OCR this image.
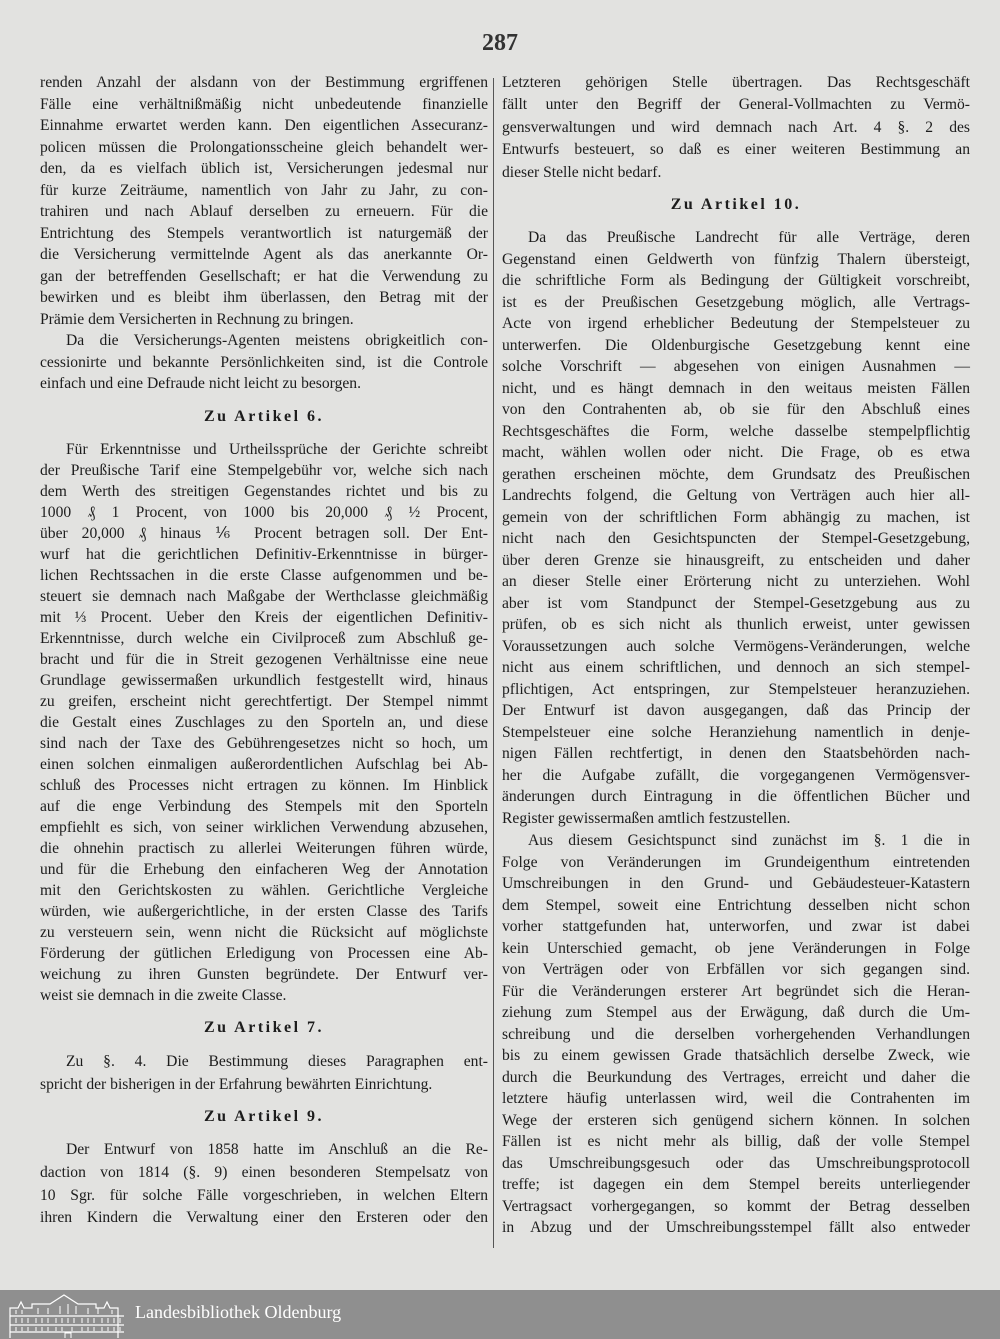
287
renden Anzahl der alsdann von der Bestimmung ergriffenen
Fälle eine verhältnißmäßig nicht unbedeutende finanzielle
Einnahme erwartet werden kann. Den eigentlichen Assecuranz-
policen müssen die Prolongationsscheine gleich behandelt wer-
den, da es vielfach üblich ist, Versicherungen jedesmal nur
für kurze Zeiträume, namentlich von Jahr zu Jahr, zu con-
trahiren und nach Ablauf derselben zu erneuern. Für die
Entrichtung des Stempels verantwortlich ist naturgemäß der
die Versicherung vermittelnde Agent als das anerkannte Or-
gan der betreffenden Gesellschaft; er hat die Verwendung zu
bewirken und es bleibt ihm überlassen, den Betrag mit der
Prämie dem Versicherten in Rechnung zu bringen.
Da die Versicherungs-Agenten meistens obrigkeitlich con-
cessionirte und bekannte Persönlichkeiten sind, ist die Controle
einfach und eine Defraude nicht leicht zu besorgen.
Zu Artikel 6.
Für Erkenntnisse und Urtheilssprüche der Gerichte schreibt
der Preußische Tarif eine Stempelgebühr vor, welche sich nach
dem Werth des streitigen Gegenstandes richtet und bis zu
1000 ₰ 1 Procent, von 1000 bis 20,000 ₰ ½ Procent,
über 20,000 ₰ hinaus ⅙ Procent betragen soll. Der Ent-
wurf hat die gerichtlichen Definitiv-Erkenntnisse in bürger-
lichen Rechtssachen in die erste Classe aufgenommen und be-
steuert sie demnach nach Maßgabe der Werthclasse gleichmäßig
mit ⅓ Procent. Ueber den Kreis der eigentlichen Definitiv-
Erkenntnisse, durch welche ein Civilproceß zum Abschluß ge-
bracht und für die in Streit gezogenen Verhältnisse eine neue
Grundlage gewissermaßen urkundlich festgestellt wird, hinaus
zu greifen, erscheint nicht gerechtfertigt. Der Stempel nimmt
die Gestalt eines Zuschlages zu den Sporteln an, und diese
sind nach der Taxe des Gebührengesetzes nicht so hoch, um
einen solchen einmaligen außerordentlichen Aufschlag bei Ab-
schluß des Processes nicht ertragen zu können. Im Hinblick
auf die enge Verbindung des Stempels mit den Sporteln
empfiehlt es sich, von seiner wirklichen Verwendung abzusehen,
die ohnehin practisch zu allerlei Weiterungen führen würde,
und für die Erhebung den einfacheren Weg der Annotation
mit den Gerichtskosten zu wählen. Gerichtliche Vergleiche
würden, wie außergerichtliche, in der ersten Classe des Tarifs
zu versteuern sein, wenn nicht die Rücksicht auf möglichste
Förderung der gütlichen Erledigung von Processen eine Ab-
weichung zu ihren Gunsten begründete. Der Entwurf ver-
weist sie demnach in die zweite Classe.
Zu Artikel 7.
Zu §. 4. Die Bestimmung dieses Paragraphen ent-
spricht der bisherigen in der Erfahrung bewährten Einrichtung.
Zu Artikel 9.
Der Entwurf von 1858 hatte im Anschluß an die Re-
daction von 1814 (§. 9) einen besonderen Stempelsatz von
10 Sgr. für solche Fälle vorgeschrieben, in welchen Eltern
ihren Kindern die Verwaltung einer den Ersteren oder den
Letzteren gehörigen Stelle übertragen. Das Rechtsgeschäft
fällt unter den Begriff der General-Vollmachten zu Vermö-
gensverwaltungen und wird demnach nach Art. 4 §. 2 des
Entwurfs besteuert, so daß es einer weiteren Bestimmung an
dieser Stelle nicht bedarf.
Zu Artikel 10.
Da das Preußische Landrecht für alle Verträge, deren
Gegenstand einen Geldwerth von fünfzig Thalern übersteigt,
die schriftliche Form als Bedingung der Gültigkeit vorschreibt,
ist es der Preußischen Gesetzgebung möglich, alle Vertrags-
Acte von irgend erheblicher Bedeutung der Stempelsteuer zu
unterwerfen. Die Oldenburgische Gesetzgebung kennt eine
solche Vorschrift — abgesehen von einigen Ausnahmen —
nicht, und es hängt demnach in den weitaus meisten Fällen
von den Contrahenten ab, ob sie für den Abschluß eines
Rechtsgeschäftes die Form, welche dasselbe stempelpflichtig
macht, wählen wollen oder nicht. Die Frage, ob es etwa
gerathen erscheinen möchte, dem Grundsatz des Preußischen
Landrechts folgend, die Geltung von Verträgen auch hier all-
gemein von der schriftlichen Form abhängig zu machen, ist
nicht nach den Gesichtspuncten der Stempel-Gesetzgebung,
über deren Grenze sie hinausgreift, zu entscheiden und daher
an dieser Stelle einer Erörterung nicht zu unterziehen. Wohl
aber ist vom Standpunct der Stempel-Gesetzgebung aus zu
prüfen, ob es sich nicht als thunlich erweist, unter gewissen
Voraussetzungen auch solche Vermögens-Veränderungen, welche
nicht aus einem schriftlichen, und dennoch an sich stempel-
pflichtigen, Act entspringen, zur Stempelsteuer heranzuziehen.
Der Entwurf ist davon ausgegangen, daß das Princip der
Stempelsteuer eine solche Heranziehung namentlich in denje-
nigen Fällen rechtfertigt, in denen den Staatsbehörden nach-
her die Aufgabe zufällt, die vorgegangenen Vermögensver-
änderungen durch Eintragung in die öffentlichen Bücher und
Register gewissermaßen amtlich festzustellen.
Aus diesem Gesichtspunct sind zunächst im §. 1 die in
Folge von Veränderungen im Grundeigenthum eintretenden
Umschreibungen in den Grund- und Gebäudesteuer-Katastern
dem Stempel, soweit eine Entrichtung desselben nicht schon
vorher stattgefunden hat, unterworfen, und zwar ist dabei
kein Unterschied gemacht, ob jene Veränderungen in Folge
von Verträgen oder von Erbfällen vor sich gegangen sind.
Für die Veränderungen ersterer Art begründet sich die Heran-
ziehung zum Stempel aus der Erwägung, daß durch die Um-
schreibung und die derselben vorhergehenden Verhandlungen
bis zu einem gewissen Grade thatsächlich derselbe Zweck, wie
durch die Beurkundung des Vertrages, erreicht und daher die
letztere häufig unterlassen wird, weil die Contrahenten im
Wege der ersteren sich genügend sichern können. In solchen
Fällen ist es nicht mehr als billig, daß der volle Stempel
das Umschreibungsgesuch oder das Umschreibungsprotocoll
treffe; ist dagegen ein dem Stempel bereits unterliegender
Vertragsact vorhergegangen, so kommt der Betrag desselben
in Abzug und der Umschreibungsstempel fällt also entweder
Landesbibliothek Oldenburg
